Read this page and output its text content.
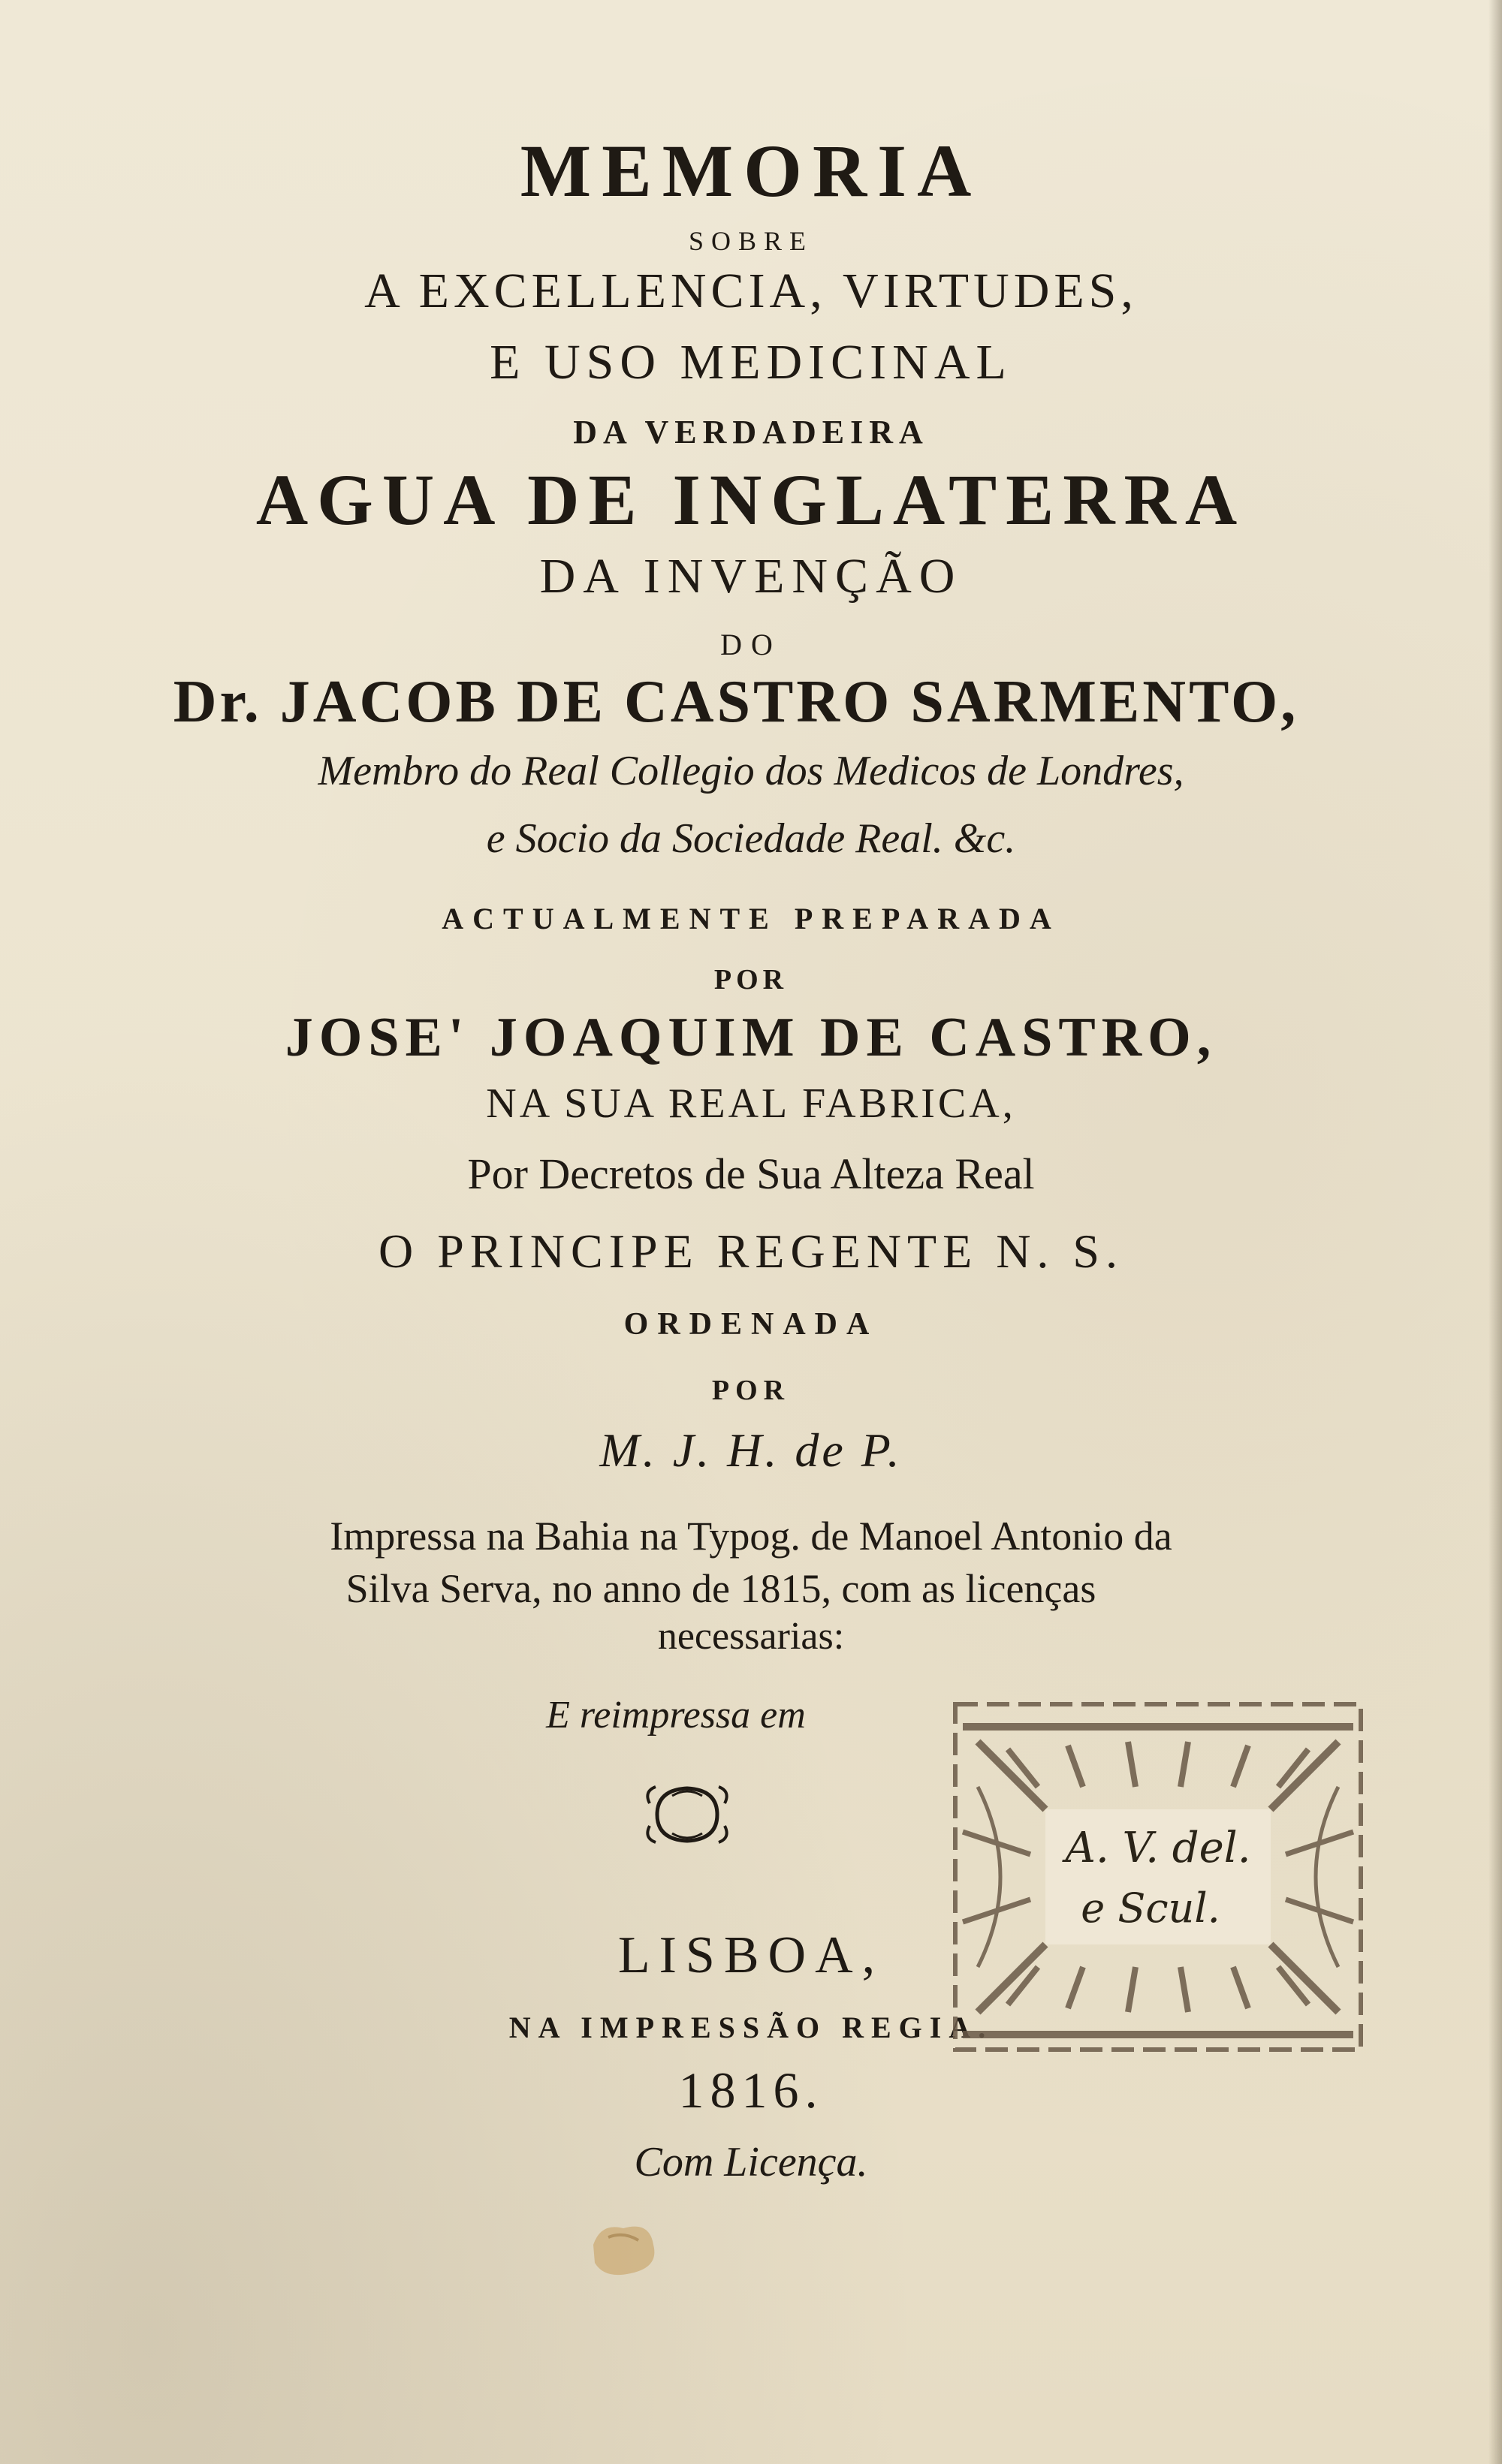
MEMORIA
SOBRE
A EXCELLENCIA, VIRTUDES,
E USO MEDICINAL
DA VERDADEIRA
AGUA DE INGLATERRA
DA INVENÇÃO
DO
Dr. JACOB DE CASTRO SARMENTO,
Membro do Real Collegio dos Medicos de Londres,
e Socio da Sociedade Real. &c.
ACTUALMENTE PREPARADA
POR
JOSE' JOAQUIM DE CASTRO,
NA SUA REAL FABRICA,
Por Decretos de Sua Alteza Real
O PRINCIPE REGENTE N. S.
ORDENADA
POR
M. J. H. de P.
Impressa na Bahia na Typog. de Manoel Antonio da
Silva Serva, no anno de 1815, com as licenças
necessarias:
E reimpressa em
LISBOA,
NA IMPRESSÃO REGIA.
1816.
Com Licença.
A. V. del.
e Scul.
